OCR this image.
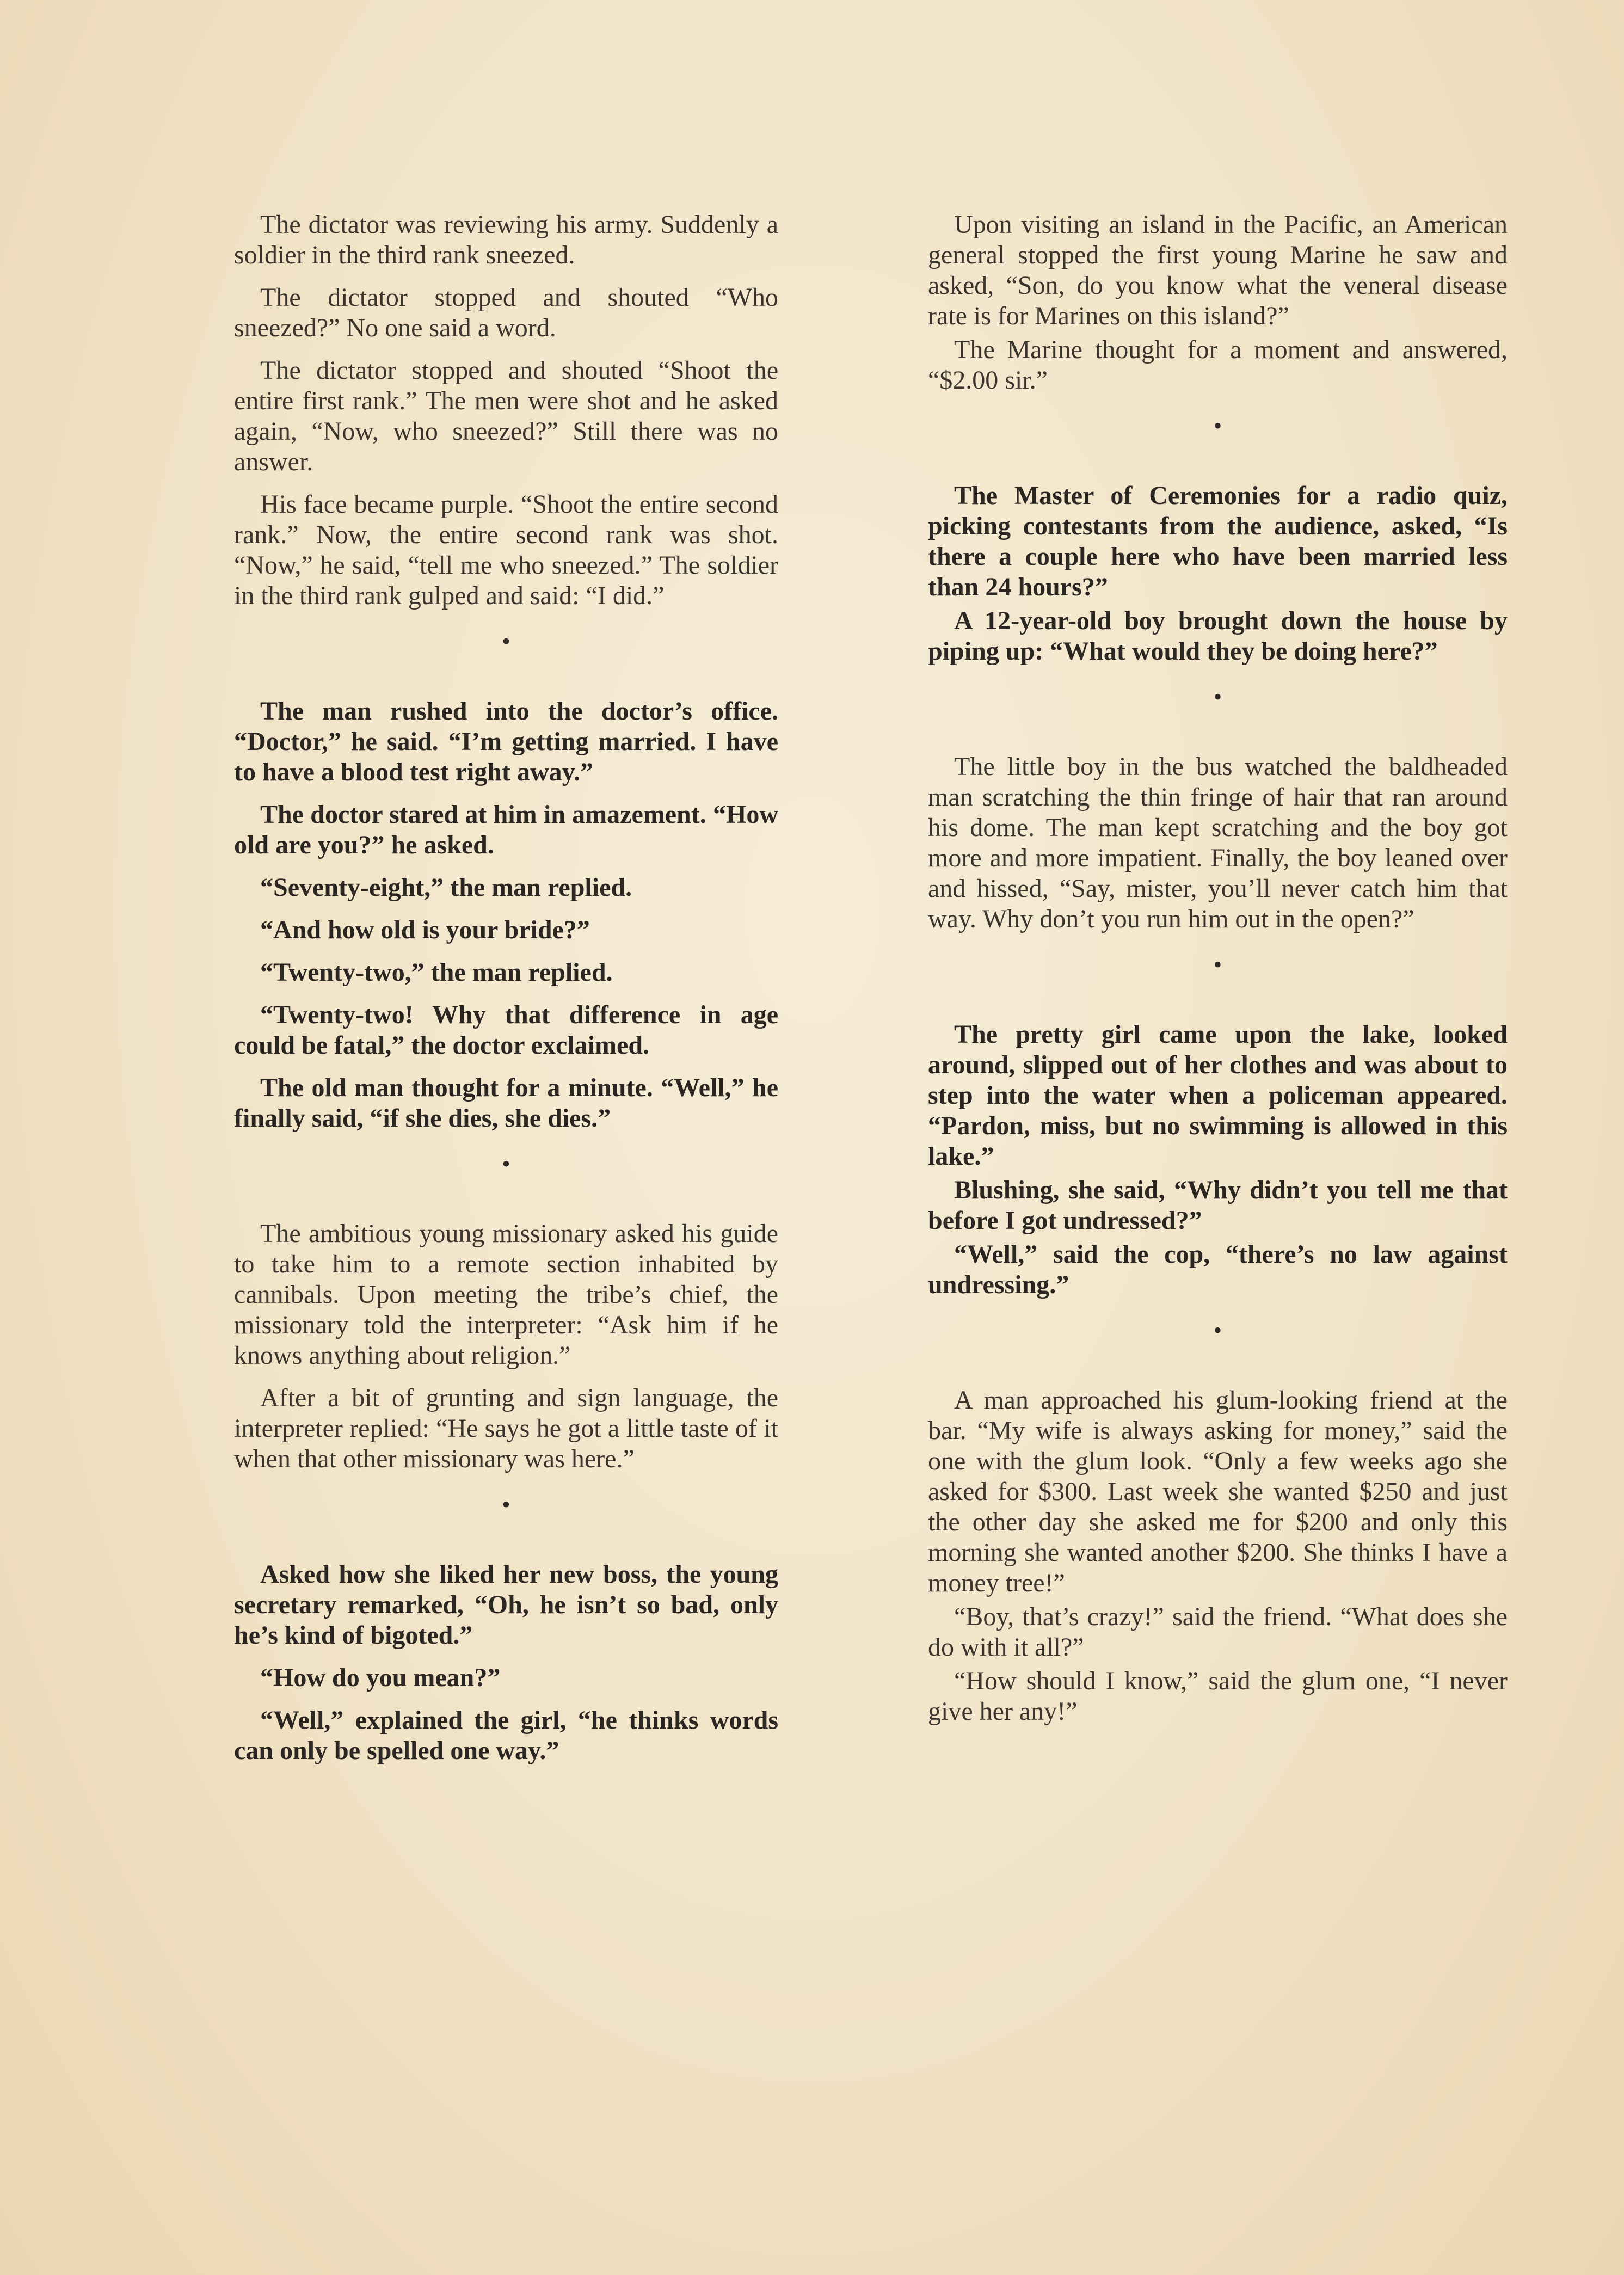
The dictator was reviewing his army. Suddenly a soldier in the third rank sneezed.

The dictator stopped and shouted “Who sneezed?” No one said a word.

The dictator stopped and shouted “Shoot the entire first rank.” The men were shot and he asked again, “Now, who sneezed?” Still there was no answer.

His face became purple. “Shoot the entire second rank.” Now, the entire second rank was shot. “Now,” he said, “tell me who sneezed.” The soldier in the third rank gulped and said: “I did.”

•

The man rushed into the doctor’s office. “Doctor,” he said. “I’m getting married. I have to have a blood test right away.”

The doctor stared at him in amazement. “How old are you?” he asked.

“Seventy-eight,” the man replied.

“And how old is your bride?”

“Twenty-two,” the man replied.

“Twenty-two! Why that difference in age could be fatal,” the doctor exclaimed.

The old man thought for a minute. “Well,” he finally said, “if she dies, she dies.”

•

The ambitious young missionary asked his guide to take him to a remote section inhabited by cannibals. Upon meeting the tribe’s chief, the missionary told the interpreter: “Ask him if he knows anything about religion.”

After a bit of grunting and sign language, the interpreter replied: “He says he got a little taste of it when that other missionary was here.”

•

Asked how she liked her new boss, the young secretary remarked, “Oh, he isn’t so bad, only he’s kind of bigoted.”

“How do you mean?”

“Well,” explained the girl, “he thinks words can only be spelled one way.”

Upon visiting an island in the Pacific, an American general stopped the first young Marine he saw and asked, “Son, do you know what the veneral disease rate is for Marines on this island?”

The Marine thought for a moment and answered, “$2.00 sir.”

•

The Master of Ceremonies for a radio quiz, picking contestants from the audience, asked, “Is there a couple here who have been married less than 24 hours?”

A 12-year-old boy brought down the house by piping up: “What would they be doing here?”

•

The little boy in the bus watched the baldheaded man scratching the thin fringe of hair that ran around his dome. The man kept scratching and the boy got more and more impatient. Finally, the boy leaned over and hissed, “Say, mister, you’ll never catch him that way. Why don’t you run him out in the open?”

•

The pretty girl came upon the lake, looked around, slipped out of her clothes and was about to step into the water when a policeman appeared. “Pardon, miss, but no swimming is allowed in this lake.”

Blushing, she said, “Why didn’t you tell me that before I got undressed?”

“Well,” said the cop, “there’s no law against undressing.”

•

A man approached his glum-looking friend at the bar. “My wife is always asking for money,” said the one with the glum look. “Only a few weeks ago she asked for $300. Last week she wanted $250 and just the other day she asked me for $200 and only this morning she wanted another $200. She thinks I have a money tree!”

“Boy, that’s crazy!” said the friend. “What does she do with it all?”

“How should I know,” said the glum one, “I never give her any!”
